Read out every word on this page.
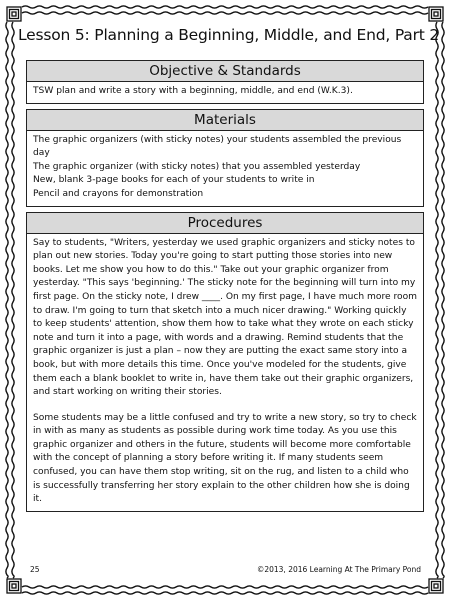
Lesson 5: Planning a Beginning, Middle, and End, Part 2
Objective & Standards

TSW plan and write a story with a beginning, middle, and end (W.K.3).

Materials

The graphic organizers (with sticky notes) your students assembled the previous day

The graphic organizer (with sticky notes) that you assembled yesterday

New, blank 3-page books for each of your students to write in

Pencil and crayons for demonstration

Procedures

Say to students, "Writers, yesterday we used graphic organizers and sticky notes to plan out new stories. Today you're going to start putting those stories into new books. Let me show you how to do this." Take out your graphic organizer from yesterday. "This says 'beginning.' The sticky note for the beginning will turn into my first page. On the sticky note, I drew ____. On my first page, I have much more room to draw. I'm going to turn that sketch into a much nicer drawing." Working quickly to keep students' attention, show them how to take what they wrote on each sticky note and turn it into a page, with words and a drawing. Remind students that the graphic organizer is just a plan – now they are putting the exact same story into a book, but with more details this time. Once you've modeled for the students, give them each a blank booklet to write in, have them take out their graphic organizers, and start working on writing their stories.

Some students may be a little confused and try to write a new story, so try to check in with as many as students as possible during work time today. As you use this graphic organizer and others in the future, students will become more comfortable with the concept of planning a story before writing it. If many students seem confused, you can have them stop writing, sit on the rug, and listen to a child who is successfully transferring her story explain to the other children how she is doing it.

25	©2013, 2016 Learning At The Primary Pond
